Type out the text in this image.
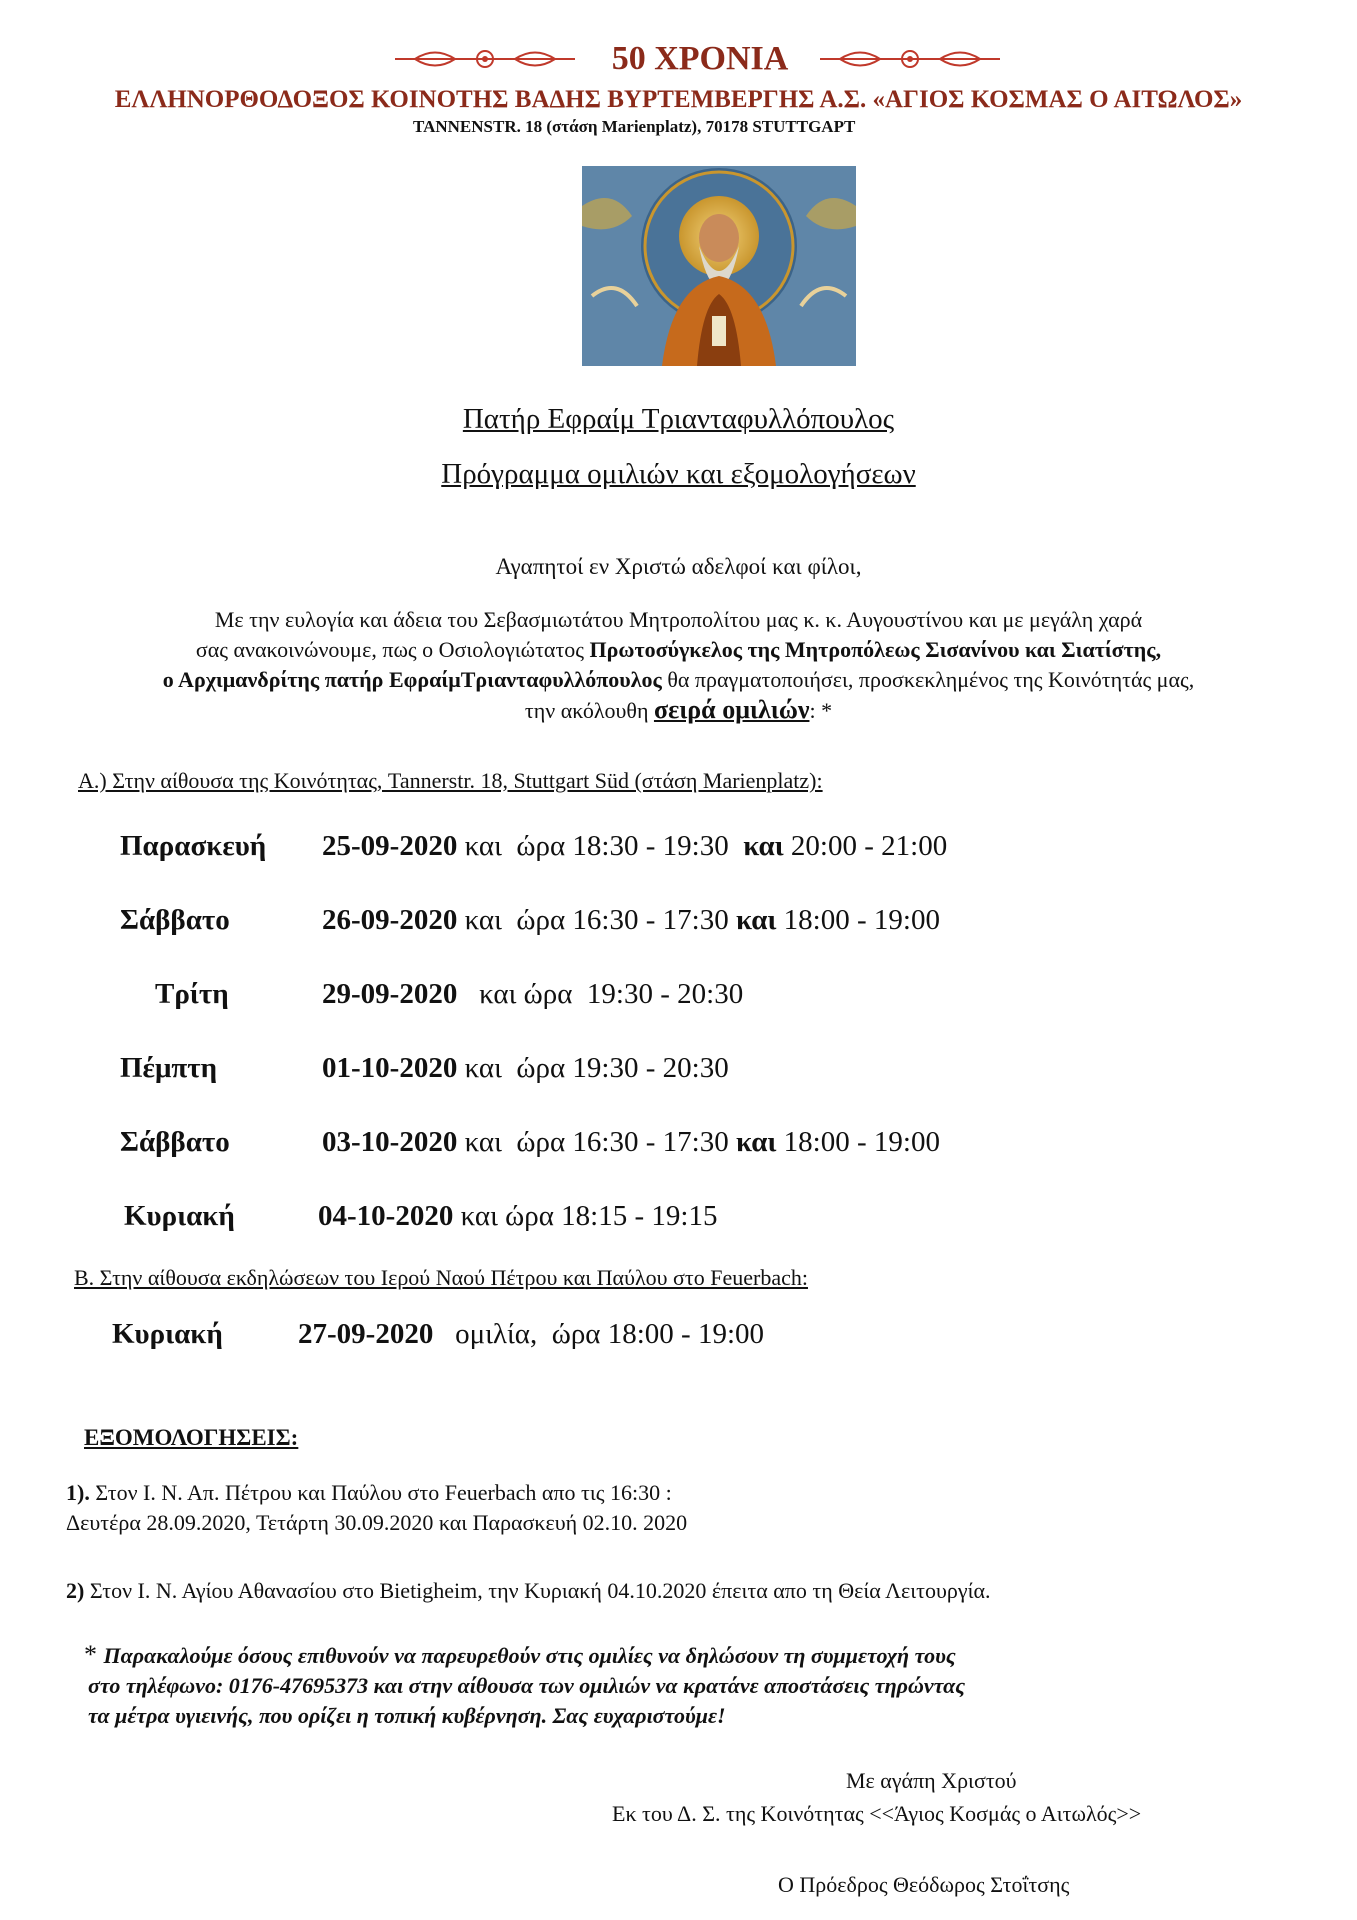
50 ΧΡΟΝΙΑ
ΕΛΛΗΝΟΡΘΟΔΟΞΟΣ ΚΟΙΝΟΤΗΣ ΒΑΔΗΣ ΒΥΡΤΕΜΒΕΡΓΗΣ Α.Σ. «ΑΓΙΟΣ ΚΟΣΜΑΣ Ο ΑΙΤΩΛΟΣ»
TANNENSTR. 18 (στάση Marienplatz), 70178 STUTTGAPT
Πατήρ Εφραίμ Τριανταφυλλόπουλος
Πρόγραμμα ομιλιών και εξομολογήσεων
Αγαπητοί εν Χριστώ αδελφοί και φίλοι,
Με την ευλογία και άδεια του Σεβασμιωτάτου Μητροπολίτου μας κ. κ. Αυγουστίνου και με μεγάλη χαρά
σας ανακοινώνουμε, πως ο Οσιολογιώτατος Πρωτοσύγκελος της Μητροπόλεως Σισανίνου και Σιατίστης,
ο Αρχιμανδρίτης πατήρ ΕφραίμΤριανταφυλλόπουλος θα πραγματοποιήσει, προσκεκλημένος της Κοινότητάς μας,
την ακόλουθη σειρά ομιλιών: *
Α.) Στην αίθουσα της Κοινότητας, Tannerstr. 18, Stuttgart Süd (στάση Marienplatz):
Παρασκευή 25-09-2020 και  ώρα 18:30 - 19:30  και 20:00 - 21:00
Σάββατο	26-09-2020 και  ώρα 16:30 - 17:30 και 18:00 - 19:00
Τρίτη	29-09-2020   και ώρα  19:30 - 20:30
Πέμπτη	01-10-2020 και  ώρα 19:30 - 20:30
Σάββατο	03-10-2020 και  ώρα 16:30 - 17:30 και 18:00 - 19:00
Κυριακή	04-10-2020 και ώρα 18:15 - 19:15
Β. Στην αίθουσα εκδηλώσεων του Ιερού Ναού Πέτρου και Παύλου στο Feuerbach:
Κυριακή	27-09-2020   ομιλία,  ώρα 18:00 - 19:00
ΕΞΟΜΟΛΟΓΗΣΕΙΣ:
1). Στον Ι. Ν. Απ. Πέτρου και Παύλου στο Feuerbach απο τις 16:30 :
Δευτέρα 28.09.2020, Τετάρτη 30.09.2020 και Παρασκευή 02.10. 2020
2) Στον Ι. Ν. Αγίου Αθανασίου στο Bietigheim, την Κυριακή 04.10.2020 έπειτα απο τη Θεία Λειτουργία.
* Παρακαλούμε όσους επιθυνούν να παρευρεθούν στις ομιλίες να δηλώσουν τη συμμετοχή τους
στο τηλέφωνο: 0176-47695373 και στην αίθουσα των ομιλιών να κρατάνε αποστάσεις τηρώντας
τα μέτρα υγιεινής, που ορίζει η τοπική κυβέρνηση. Σας ευχαριστούμε!
Με αγάπη Χριστού
Εκ του Δ. Σ. της Κοινότητας <<Άγιος Κοσμάς ο Αιτωλός>>
Ο Πρόεδρος Θεόδωρος Στοΐτσης
